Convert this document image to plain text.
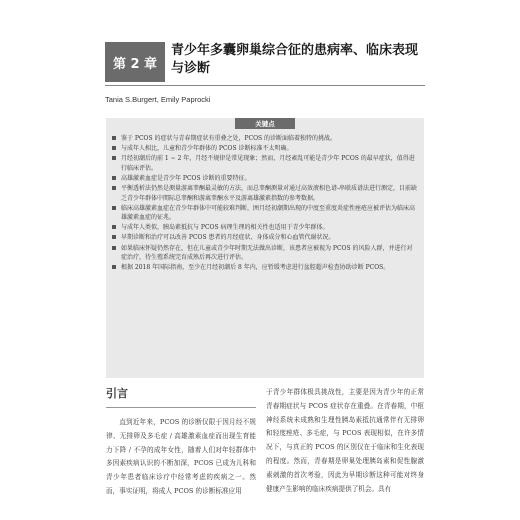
第 2 章
青少年多囊卵巢综合征的患病率、临床表现与诊断
Tania S.Burgert, Emily Paprocki
关键点
鉴于 PCOS 的症状与青春期症状有重叠之处，PCOS 的诊断面临着独特的挑战。
与成年人相比，儿童和青少年群体的 PCOS 诊断标准不太明确。
月经初潮后的前 1 ~ 2 年，月经不规律是常见现象；然而，月经紊乱可能是青少年 PCOS 的最早症状，值得进行临床评估。
高雄激素血症是青少年 PCOS 诊断的重要特征。
平衡透析法仍然是测量游离睾酮最灵敏的方法，而总睾酮测量对通过高效液相色谱-串联质谱法进行测定，目前缺乏青少年群体中関际总睾酮和游离睾酮水平及游离雄激素指数的参考数据。
临床高雄激素血症在青少年群体中可能较难判断，囲月经初潮期出现的中度至重度炎症性痤疮应被评估为临床高雄激素血症的征兆。
与成年人类似，胰岛素抵抗与 PCOS 病理生理的相关性也适用于青少年群体。
早期诊断和治疗可以改善 PCOS 患者的月经症状、身体成分和心血管代谢状况。
如果临床怀疑仍然存在，但在儿童或青少年时期无法做出诊断，该患者应被视为 PCOS 的风险人群，并进行对症治疗，待生殖系统完育成熟后再次进行评估。
根据 2018 年国际指南，至少在月经初潮后 8 年内，应暂缓考虑进行盆腔超声检查协助诊断 PCOS。
引言

直到近年来，PCOS 的诊断仅限于因月经不规律、无排卵及多毛症 / 高雄激素血症而出现生育能力下降 / 不孕的成年女性，随着人们对年轻群体中多因素疾病认识的不断加深，PCOS 已成为儿科和青少年患者临床诊疗中经常考虑的疾病之一。然而，事实证明，将成人 PCOS 的诊断标准应用

于青少年群体极具挑战性，主要是因为青少年的正常青春期症状与 PCOS 症状存在重叠。在青春期，中枢神经系统未成熟和生理性胰岛素抵抗通常伴有无排卵和轻度痤疮、多毛症，与 PCOS 表现相似，在许多情况下，与真正的 PCOS 的区别仅在于临床和生化表现的程度。然而，青春期是卵巢处理胰岛素和促性腺激素刺激的首次考验，因此为早期诊断这种可能对终身健康产生影响的临床疾病提供了机会。具有
